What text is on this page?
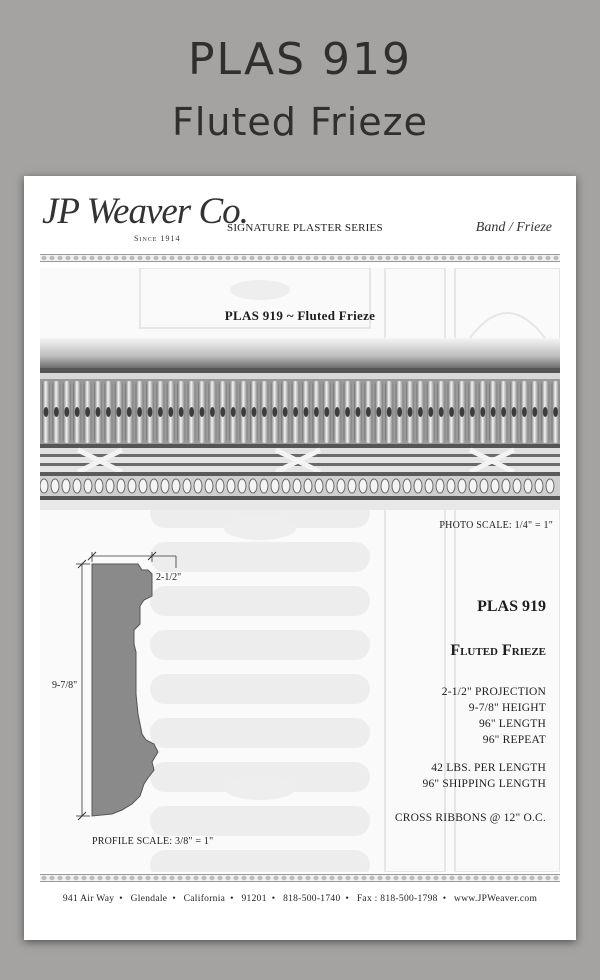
PLAS 919
Fluted Frieze
JP Weaver Co.
Since 1914
SIGNATURE PLASTER SERIES	Band / Frieze
PLAS 919 ~ Fluted Frieze
PHOTO SCALE: 1/4" = 1"
2-1/2"
9-7/8"
PROFILE SCALE: 3/8" = 1"
PLAS 919
Fluted Frieze
2-1/2" PROJECTION
9-7/8" HEIGHT
96" LENGTH
96" REPEAT
42 LBS. PER LENGTH
96" SHIPPING LENGTH
CROSS RIBBONS @ 12" O.C.
941 Air Way • Glendale • California • 91201 • 818-500-1740 • Fax : 818-500-1798 • www.JPWeaver.com
